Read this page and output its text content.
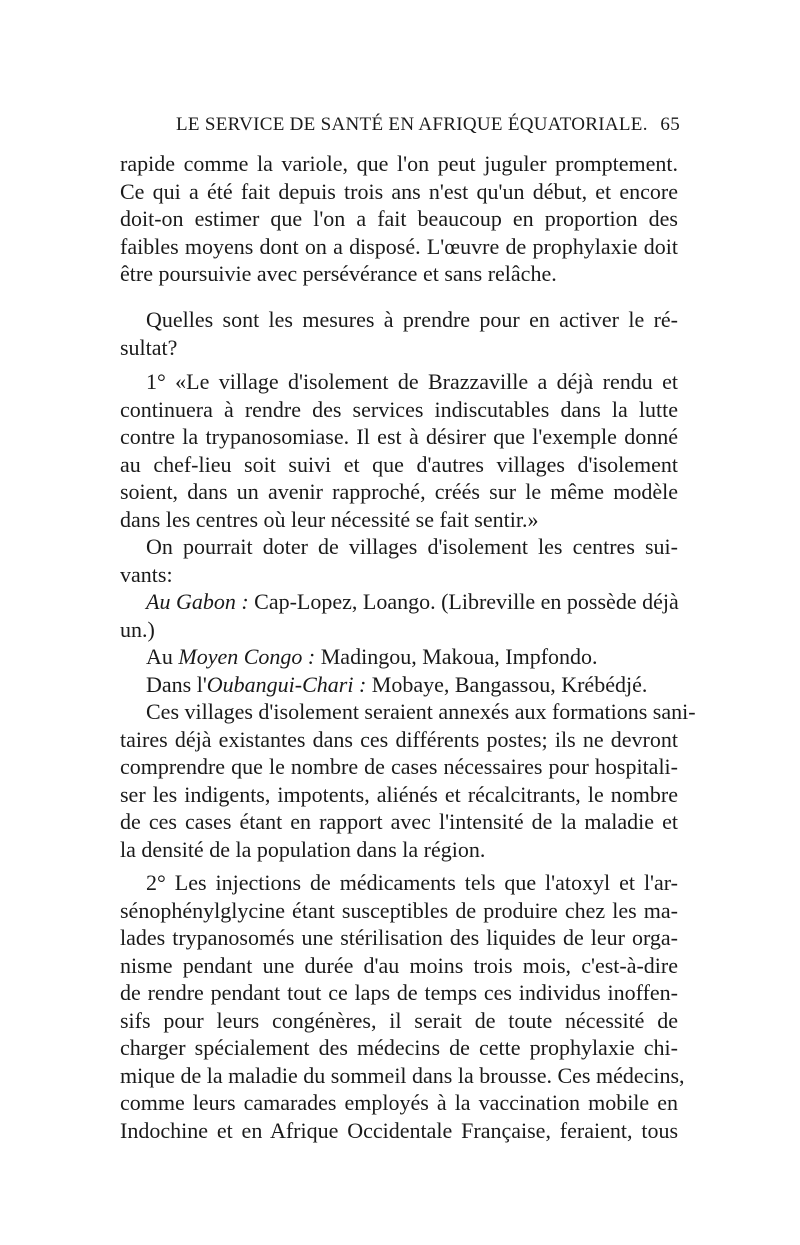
LE SERVICE DE SANTÉ EN AFRIQUE ÉQUATORIALE. 65
rapide comme la variole, que l'on peut juguler promptement.
Ce qui a été fait depuis trois ans n'est qu'un début, et encore
doit-on estimer que l'on a fait beaucoup en proportion des
faibles moyens dont on a disposé. L'œuvre de prophylaxie doit
être poursuivie avec persévérance et sans relâche.
Quelles sont les mesures à prendre pour en activer le ré-
sultat?
1° «Le village d'isolement de Brazzaville a déjà rendu et
continuera à rendre des services indiscutables dans la lutte
contre la trypanosomiase. Il est à désirer que l'exemple donné
au chef-lieu soit suivi et que d'autres villages d'isolement
soient, dans un avenir rapproché, créés sur le même modèle
dans les centres où leur nécessité se fait sentir.»
On pourrait doter de villages d'isolement les centres sui-
vants:
Au Gabon : Cap-Lopez, Loango. (Libreville en possède déjà
un.)
Au Moyen Congo : Madingou, Makoua, Impfondo.
Dans l'Oubangui-Chari : Mobaye, Bangassou, Krébédjé.
Ces villages d'isolement seraient annexés aux formations sani-
taires déjà existantes dans ces différents postes; ils ne devront
comprendre que le nombre de cases nécessaires pour hospitali-
ser les indigents, impotents, aliénés et récalcitrants, le nombre
de ces cases étant en rapport avec l'intensité de la maladie et
la densité de la population dans la région.
2° Les injections de médicaments tels que l'atoxyl et l'ar-
sénophénylglycine étant susceptibles de produire chez les ma-
lades trypanosomés une stérilisation des liquides de leur orga-
nisme pendant une durée d'au moins trois mois, c'est-à-dire
de rendre pendant tout ce laps de temps ces individus inoffen-
sifs pour leurs congénères, il serait de toute nécessité de
charger spécialement des médecins de cette prophylaxie chi-
mique de la maladie du sommeil dans la brousse. Ces médecins,
comme leurs camarades employés à la vaccination mobile en
Indochine et en Afrique Occidentale Française, feraient, tous
